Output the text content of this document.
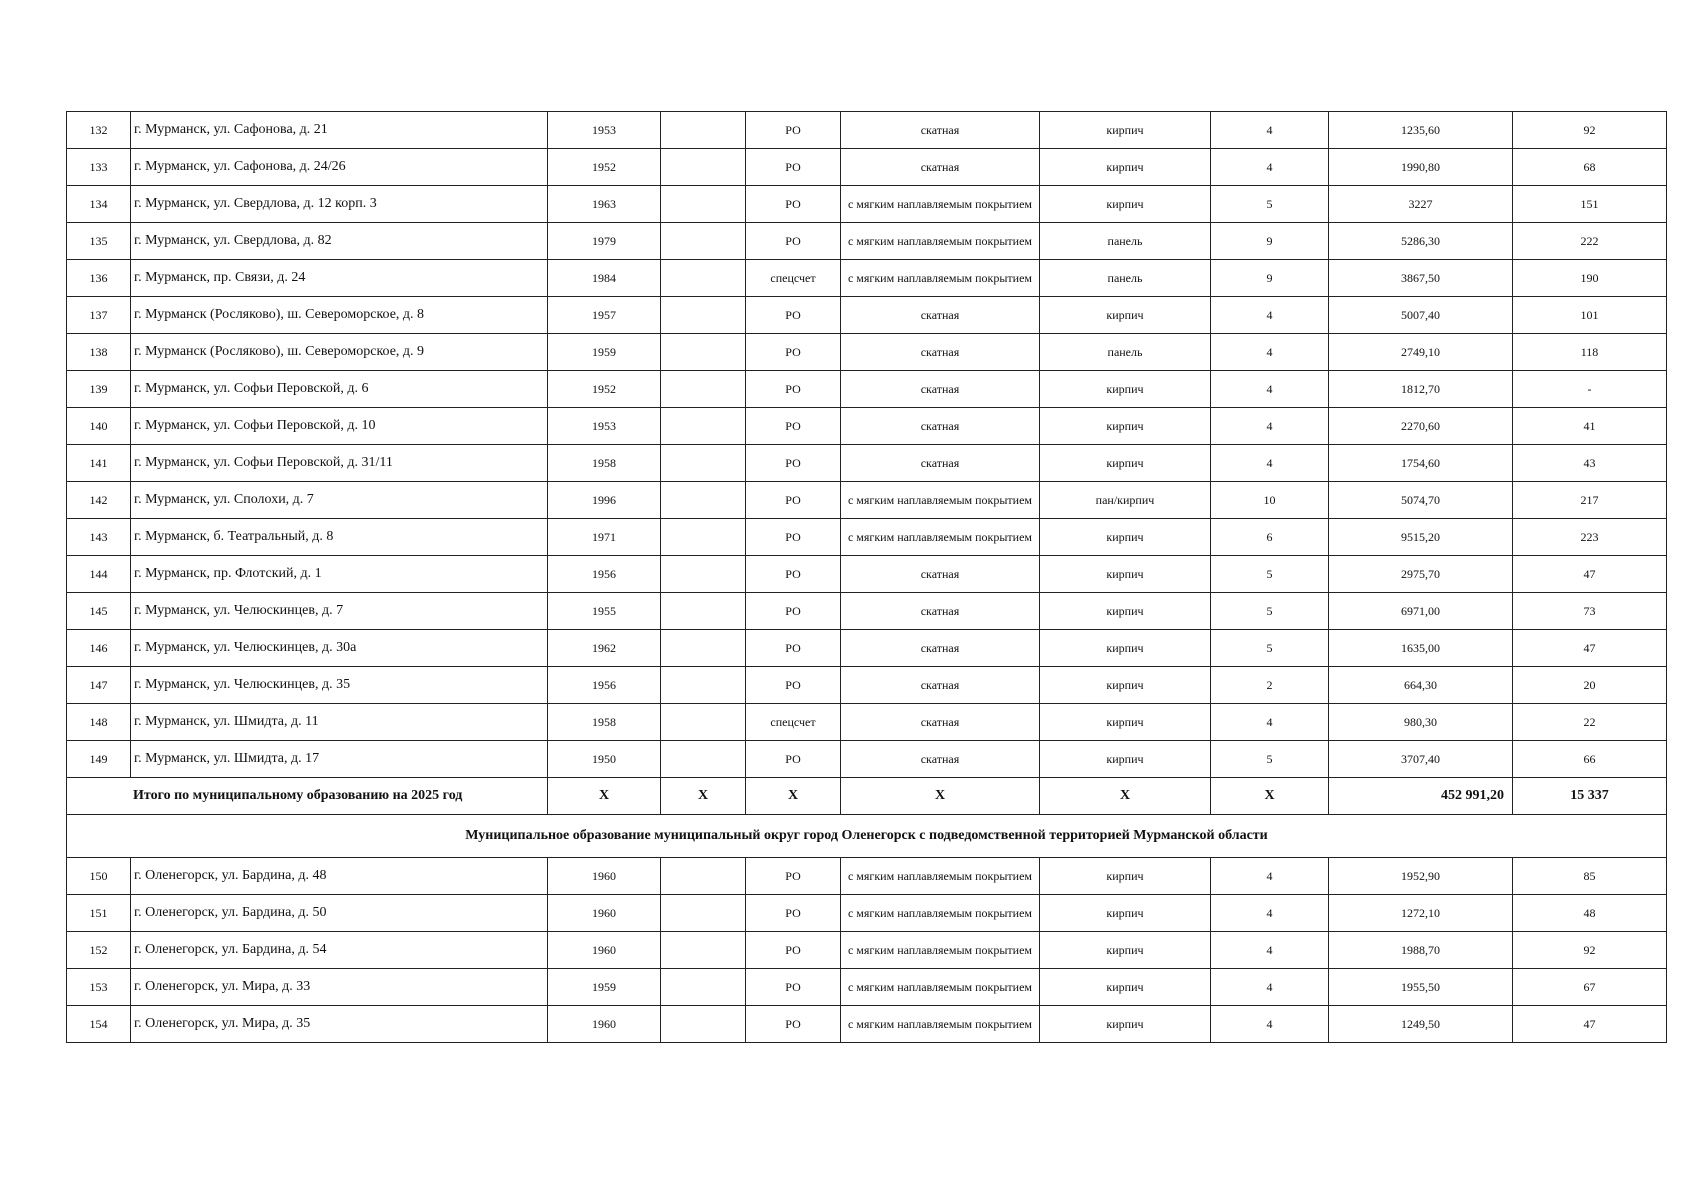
132	г. Мурманск, ул. Сафонова, д. 21	1953		РО	скатная	кирпич	4	1235,60	92
133	г. Мурманск, ул. Сафонова, д. 24/26	1952		РО	скатная	кирпич	4	1990,80	68
134	г. Мурманск, ул. Свердлова, д. 12 корп. 3	1963		РО	с мягким наплавляемым покрытием	кирпич	5	3227	151
135	г. Мурманск, ул. Свердлова, д. 82	1979		РО	с мягким наплавляемым покрытием	панель	9	5286,30	222
136	г. Мурманск, пр. Связи, д. 24	1984		спецсчет	с мягким наплавляемым покрытием	панель	9	3867,50	190
137	г. Мурманск (Росляково), ш. Североморское, д. 8	1957		РО	скатная	кирпич	4	5007,40	101
138	г. Мурманск (Росляково), ш. Североморское, д. 9	1959		РО	скатная	панель	4	2749,10	118
139	г. Мурманск, ул. Софьи Перовской, д. 6	1952		РО	скатная	кирпич	4	1812,70	-
140	г. Мурманск, ул. Софьи Перовской, д. 10	1953		РО	скатная	кирпич	4	2270,60	41
141	г. Мурманск, ул. Софьи Перовской, д. 31/11	1958		РО	скатная	кирпич	4	1754,60	43
142	г. Мурманск, ул. Сполохи, д. 7	1996		РО	с мягким наплавляемым покрытием	пан/кирпич	10	5074,70	217
143	г. Мурманск, б. Театральный, д. 8	1971		РО	с мягким наплавляемым покрытием	кирпич	6	9515,20	223
144	г. Мурманск, пр. Флотский, д. 1	1956		РО	скатная	кирпич	5	2975,70	47
145	г. Мурманск, ул. Челюскинцев, д. 7	1955		РО	скатная	кирпич	5	6971,00	73
146	г. Мурманск, ул. Челюскинцев, д. 30а	1962		РО	скатная	кирпич	5	1635,00	47
147	г. Мурманск, ул. Челюскинцев, д. 35	1956		РО	скатная	кирпич	2	664,30	20
148	г. Мурманск, ул. Шмидта, д. 11	1958		спецсчет	скатная	кирпич	4	980,30	22
149	г. Мурманск, ул. Шмидта, д. 17	1950		РО	скатная	кирпич	5	3707,40	66
Итого по муниципальному образованию на 2025 год		Х	Х	Х	Х	Х	Х	452 991,20	15 337
Муниципальное образование муниципальный округ город Оленегорск с подведомственной территорией Мурманской области									
150	г. Оленегорск, ул. Бардина, д. 48	1960		РО	с мягким наплавляемым покрытием	кирпич	4	1952,90	85
151	г. Оленегорск, ул. Бардина, д. 50	1960		РО	с мягким наплавляемым покрытием	кирпич	4	1272,10	48
152	г. Оленегорск, ул. Бардина, д. 54	1960		РО	с мягким наплавляемым покрытием	кирпич	4	1988,70	92
153	г. Оленегорск, ул. Мира, д. 33	1959		РО	с мягким наплавляемым покрытием	кирпич	4	1955,50	67
154	г. Оленегорск, ул. Мира, д. 35	1960		РО	с мягким наплавляемым покрытием	кирпич	4	1249,50	47
